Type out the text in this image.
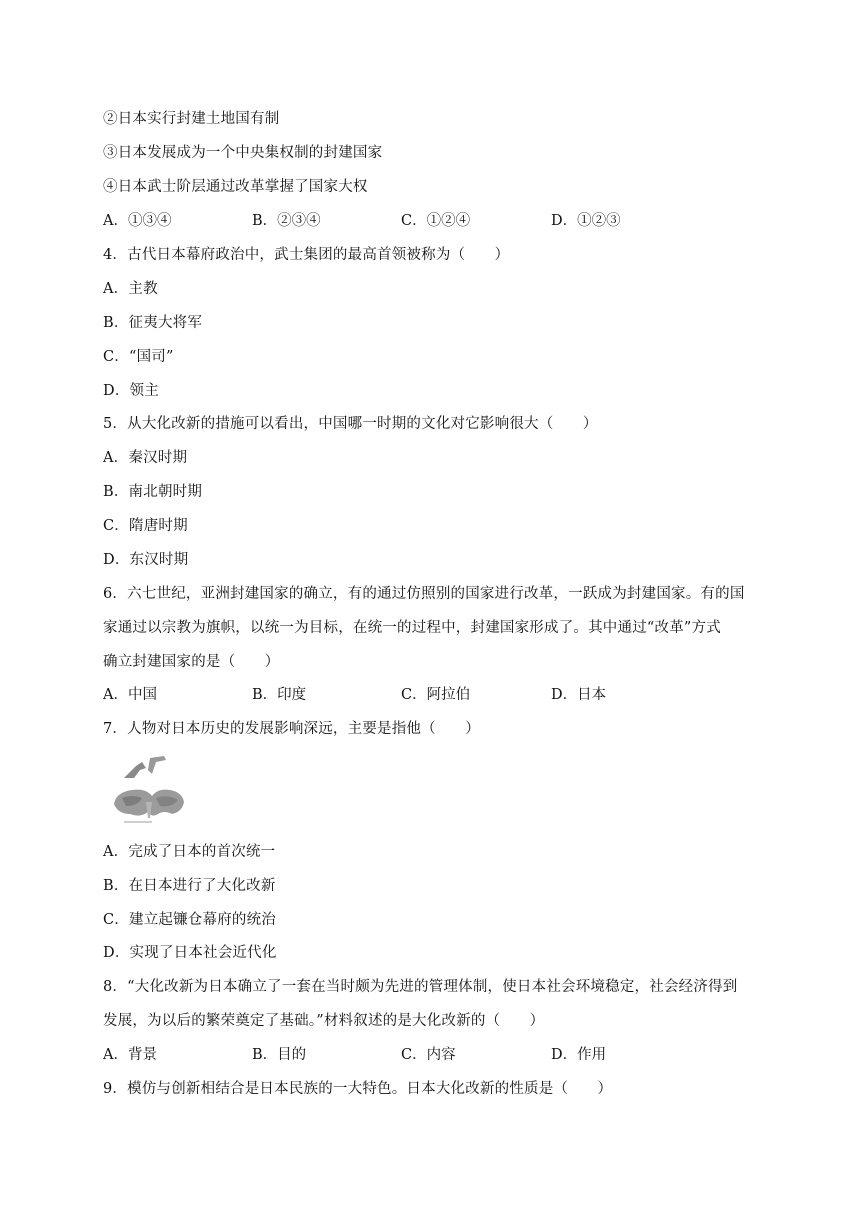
②日本实行封建土地国有制
③日本发展成为一个中央集权制的封建国家
④日本武士阶层通过改革掌握了国家大权
A．①③④	B．②③④	C．①②④	D．①②③
4．古代日本幕府政治中，武士集团的最高首领被称为（　　）
A．主教
B．征夷大将军
C．“国司”
D．领主
5．从大化改新的措施可以看出，中国哪一时期的文化对它影响很大（　　）
A．秦汉时期
B．南北朝时期
C．隋唐时期
D．东汉时期
6．六七世纪，亚洲封建国家的确立，有的通过仿照别的国家进行改革，一跃成为封建国家。有的国
家通过以宗教为旗帜，以统一为目标，在统一的过程中，封建国家形成了。其中通过“改革”方式
确立封建国家的是（　　）
A．中国	B．印度	C．阿拉伯	D．日本
7．人物对日本历史的发展影响深远，主要是指他（　　）
A．完成了日本的首次统一
B．在日本进行了大化改新
C．建立起镰仓幕府的统治
D．实现了日本社会近代化
8．“大化改新为日本确立了一套在当时颇为先进的管理体制，使日本社会环境稳定，社会经济得到
发展，为以后的繁荣奠定了基础。”材料叙述的是大化改新的（　　）
A．背景	B．目的	C．内容	D．作用
9．模仿与创新相结合是日本民族的一大特色。日本大化改新的性质是（　　）
